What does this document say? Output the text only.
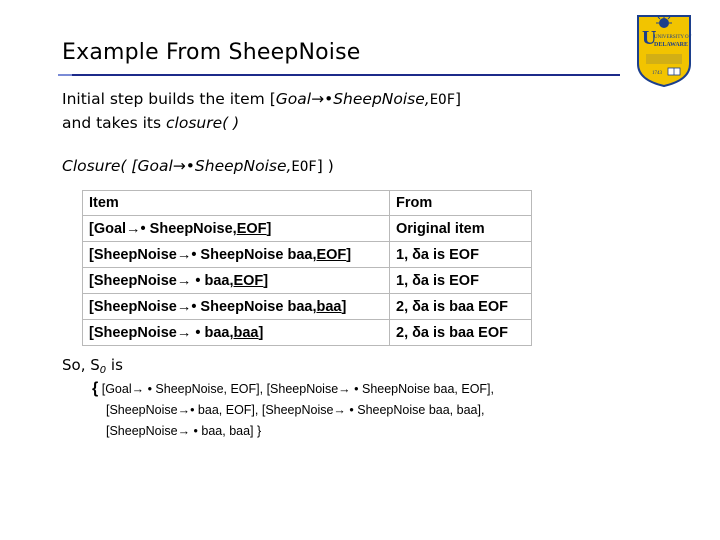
Example From SheepNoise
U
UNIVERSITY OF
DELAWARE
1743
Initial step builds the item [Goal→•SheepNoise,EOF]
and takes its closure( )
Closure( [Goal→•SheepNoise,EOF] )
Item	From
[Goal→• SheepNoise,EOF]	Original item
[SheepNoise→• SheepNoise baa,EOF]	1, δa is EOF
[SheepNoise→ • baa,EOF]	1, δa is EOF
[SheepNoise→• SheepNoise baa,baa]	2, δa is baa EOF
[SheepNoise→ • baa,baa]	2, δa is baa EOF
So, $S_0$ is
{ [Goal→ • SheepNoise, EOF], [SheepNoise→ • SheepNoise baa, EOF],
[SheepNoise→• baa, EOF], [SheepNoise→ • SheepNoise baa, baa],
[SheepNoise→ • baa, baa] }
